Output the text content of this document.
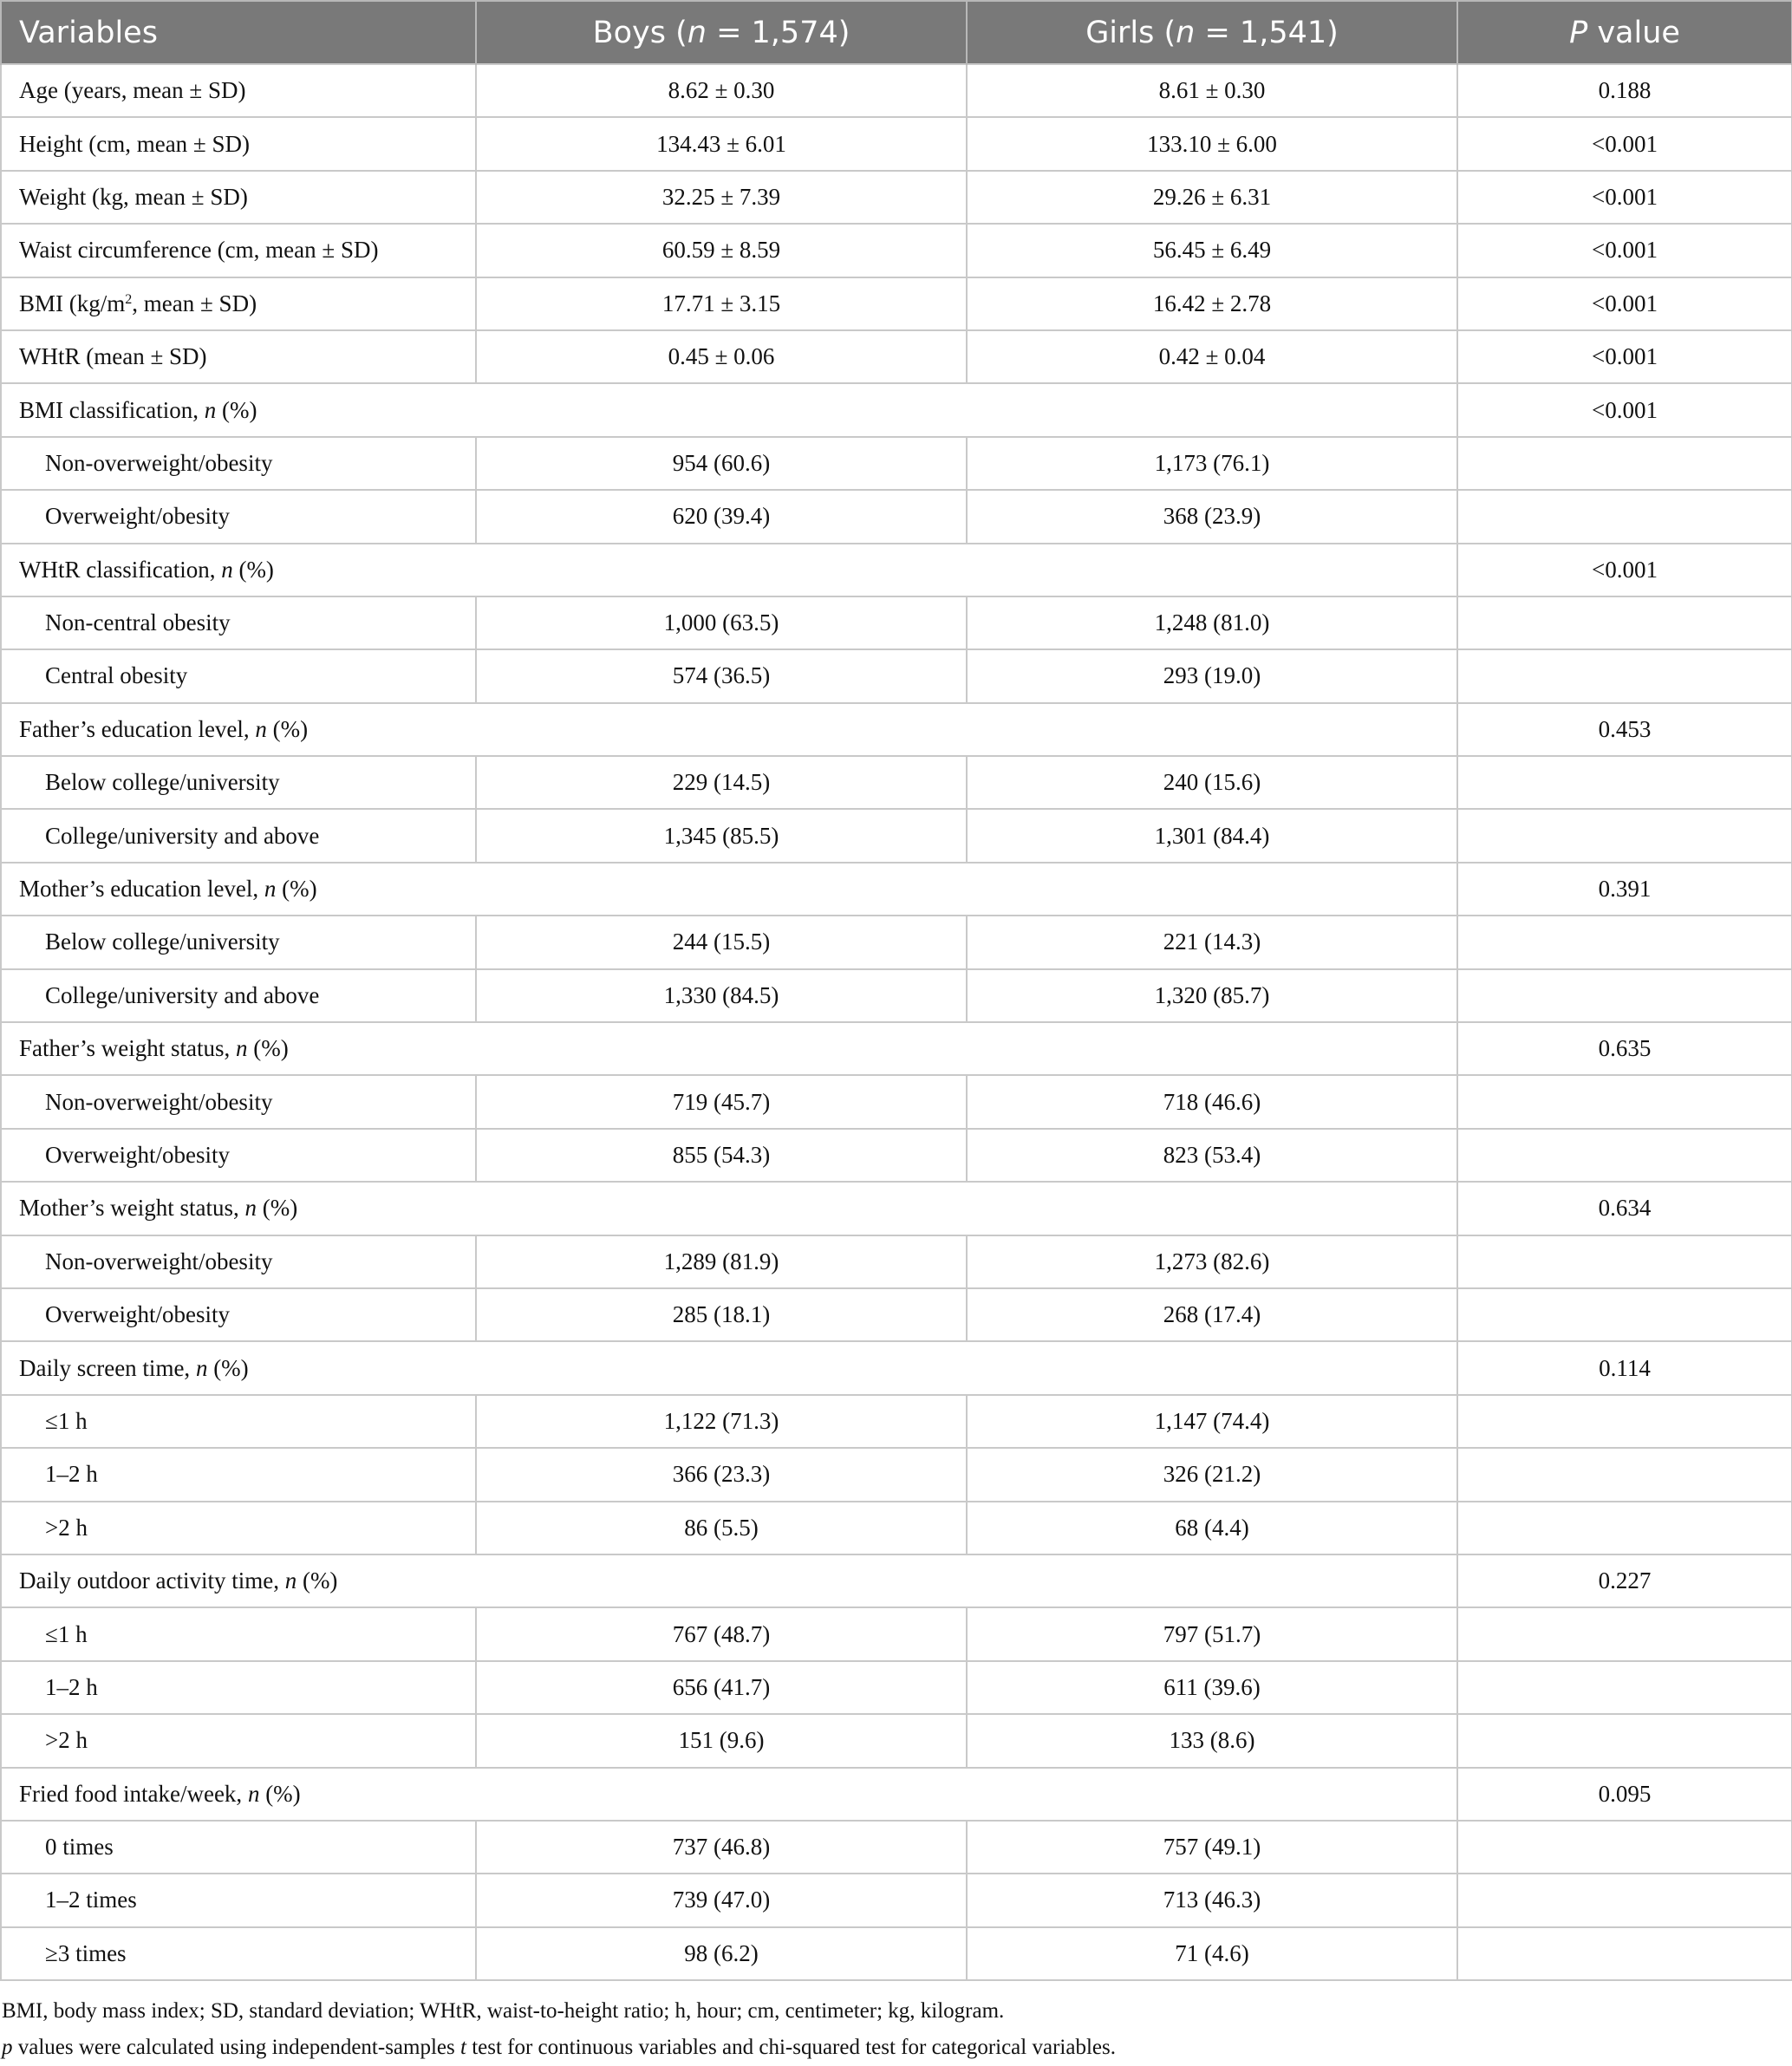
Variables	Boys (n = 1,574)	Girls (n = 1,541)	P value
Age (years, mean ± SD)	8.62 ± 0.30	8.61 ± 0.30	0.188
Height (cm, mean ± SD)	134.43 ± 6.01	133.10 ± 6.00	<0.001
Weight (kg, mean ± SD)	32.25 ± 7.39	29.26 ± 6.31	<0.001
Waist circumference (cm, mean ± SD)	60.59 ± 8.59	56.45 ± 6.49	<0.001
BMI ($kg/m^2$, mean ± SD)	17.71 ± 3.15	16.42 ± 2.78	<0.001
WHtR (mean ± SD)	0.45 ± 0.06	0.42 ± 0.04	<0.001
BMI classification, n (%)			<0.001
Non-overweight/obesity	954 (60.6)	1,173 (76.1)	
Overweight/obesity	620 (39.4)	368 (23.9)	
WHtR classification, n (%)			<0.001
Non-central obesity	1,000 (63.5)	1,248 (81.0)	
Central obesity	574 (36.5)	293 (19.0)	
Father’s education level, n (%)			0.453
Below college/university	229 (14.5)	240 (15.6)	
College/university and above	1,345 (85.5)	1,301 (84.4)	
Mother’s education level, n (%)			0.391
Below college/university	244 (15.5)	221 (14.3)	
College/university and above	1,330 (84.5)	1,320 (85.7)	
Father’s weight status, n (%)			0.635
Non-overweight/obesity	719 (45.7)	718 (46.6)	
Overweight/obesity	855 (54.3)	823 (53.4)	
Mother’s weight status, n (%)			0.634
Non-overweight/obesity	1,289 (81.9)	1,273 (82.6)	
Overweight/obesity	285 (18.1)	268 (17.4)	
Daily screen time, n (%)			0.114
≤1 h	1,122 (71.3)	1,147 (74.4)	
1–2 h	366 (23.3)	326 (21.2)	
>2 h	86 (5.5)	68 (4.4)	
Daily outdoor activity time, n (%)			0.227
≤1 h	767 (48.7)	797 (51.7)	
1–2 h	656 (41.7)	611 (39.6)	
>2 h	151 (9.6)	133 (8.6)	
Fried food intake/week, n (%)			0.095
0 times	737 (46.8)	757 (49.1)	
1–2 times	739 (47.0)	713 (46.3)	
≥3 times	98 (6.2)	71 (4.6)	
BMI, body mass index; SD, standard deviation; WHtR, waist-to-height ratio; h, hour; cm, centimeter; kg, kilogram.
p values were calculated using independent-samples t test for continuous variables and chi-squared test for categorical variables.
